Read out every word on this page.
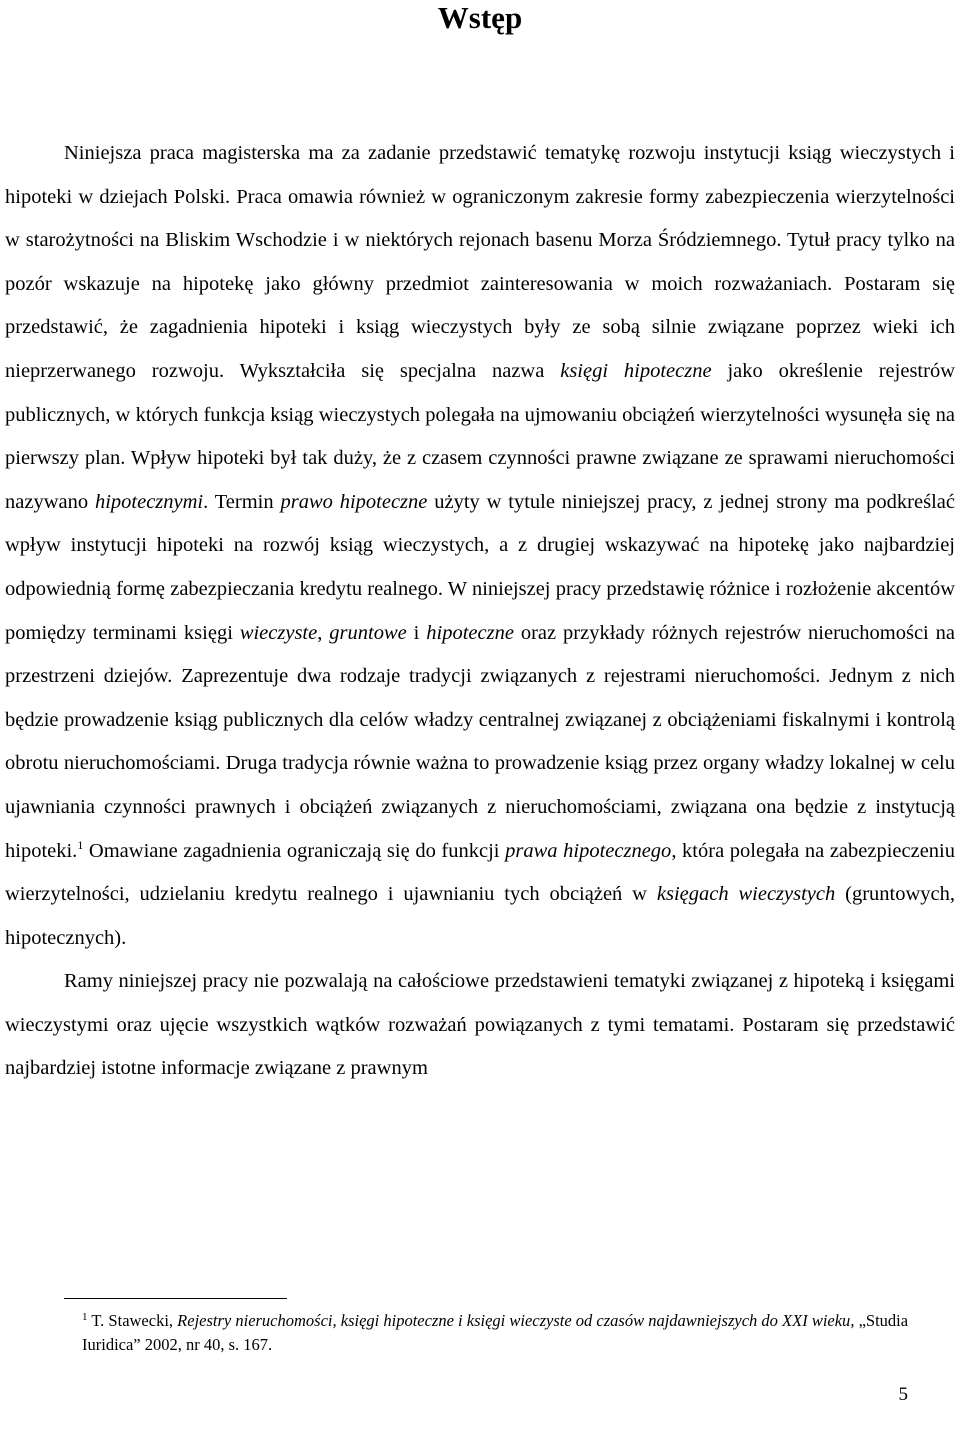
Wstęp

Niniejsza praca magisterska ma za zadanie przedstawić tematykę rozwoju instytucji ksiąg wieczystych i hipoteki w dziejach Polski. Praca omawia również w ograniczonym zakresie formy zabezpieczenia wierzytelności w starożytności na Bliskim Wschodzie i w niektórych rejonach basenu Morza Śródziemnego. Tytuł pracy tylko na pozór wskazuje na hipotekę jako główny przedmiot zainteresowania w moich rozważaniach. Postaram się przedstawić, że zagadnienia hipoteki i ksiąg wieczystych były ze sobą silnie związane poprzez wieki ich nieprzerwanego rozwoju. Wykształciła się specjalna nazwa księgi hipoteczne jako określenie rejestrów publicznych, w których funkcja ksiąg wieczystych polegała na ujmowaniu obciążeń wierzytelności wysunęła się na pierwszy plan. Wpływ hipoteki był tak duży, że z czasem czynności prawne związane ze sprawami nieruchomości nazywano hipotecznymi. Termin prawo hipoteczne użyty w tytule niniejszej pracy, z jednej strony ma podkreślać wpływ instytucji hipoteki na rozwój ksiąg wieczystych, a z drugiej wskazywać na hipotekę jako najbardziej odpowiednią formę zabezpieczania kredytu realnego. W niniejszej pracy przedstawię różnice i rozłożenie akcentów pomiędzy terminami księgi wieczyste, gruntowe i hipoteczne oraz przykłady różnych rejestrów nieruchomości na przestrzeni dziejów. Zaprezentuje dwa rodzaje tradycji związanych z rejestrami nieruchomości. Jednym z nich będzie prowadzenie ksiąg publicznych dla celów władzy centralnej związanej z obciążeniami fiskalnymi i kontrolą obrotu nieruchomościami. Druga tradycja równie ważna to prowadzenie ksiąg przez organy władzy lokalnej w celu ujawniania czynności prawnych i obciążeń związanych z nieruchomościami, związana ona będzie z instytucją hipoteki.$^1$ Omawiane zagadnienia ograniczają się do funkcji prawa hipotecznego, która polegała na zabezpieczeniu wierzytelności, udzielaniu kredytu realnego i ujawnianiu tych obciążeń w księgach wieczystych (gruntowych, hipotecznych).

Ramy niniejszej pracy nie pozwalają na całościowe przedstawieni tematyki związanej z hipoteką i księgami wieczystymi oraz ujęcie wszystkich wątków rozważań powiązanych z tymi tematami. Postaram się przedstawić najbardziej istotne informacje związane z prawnym

$^1$ T. Stawecki, Rejestry nieruchomości, księgi hipoteczne i księgi wieczyste od czasów najdawniejszych do XXI wieku, „Studia Iuridica” 2002, nr 40, s. 167.

5
